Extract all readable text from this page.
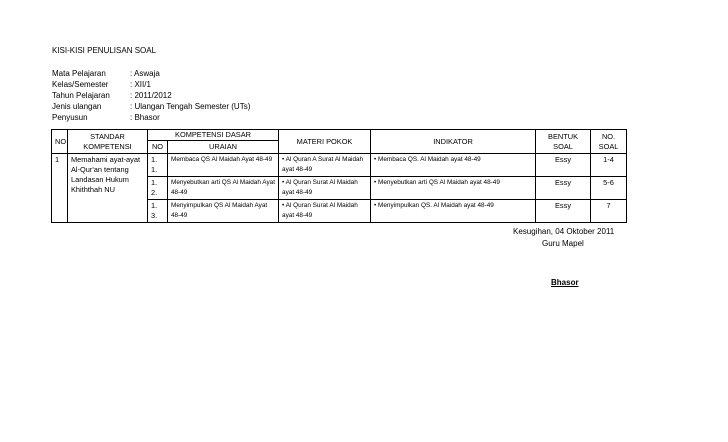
KISI-KISI PENULISAN SOAL
Mata Pelajaran	: Aswaja
Kelas/Semester	: XII/1
Tahun Pelajaran	: 2011/2012
Jenis ulangan	: Ulangan Tengah Semester (UTs)
Penyusun	: Bhasor
NO	STANDAR KOMPETENSI	KOMPETENSI DASAR		MATERI POKOK	INDIKATOR	BENTUK SOAL	NO. SOAL
		NO	URAIAN				
1	Memahami ayat-ayat Al-Qur'an tentang Landasan Hukum Khiththah NU	1. 1.	Membaca QS Al Maidah Ayat 48-49	• Al Quran A Surat Al Maidah ayat 48-49	• Membaca QS. Al Maidah ayat 48-49	Essy	1-4
		1. 2.	Menyebutkan arti QS Al Maidah Ayat 48-49	• Al Quran Surat Al Maidah ayat 48-49	• Menyebutkan arti QS Al Maidah ayat 48-49	Essy	5-6
		1. 3.	Menyimpulkan QS Al Maidah Ayat 48-49	• Al Quran Surat Al Maidah ayat 48-49	• Menyimpulkan QS. Al Maidah ayat 48-49	Essy	7
Kesugihan, 04 Oktober 2011
Guru Mapel
Bhasor
